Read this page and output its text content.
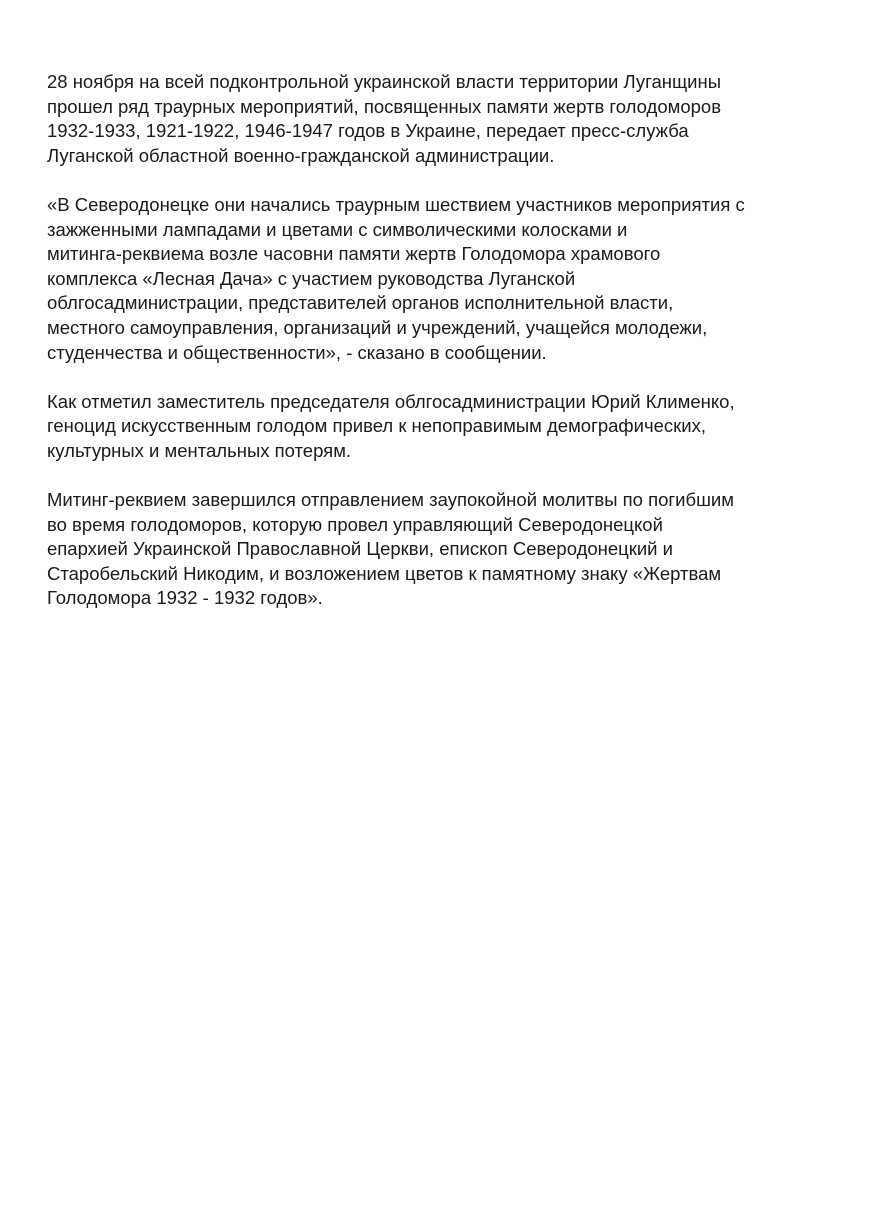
28 ноября на всей подконтрольной украинской власти территории Луганщины
прошел ряд траурных мероприятий, посвященных памяти жертв голодоморов
1932-1933, 1921-1922, 1946-1947 годов в Украине, передает пресс-служба
Луганской областной военно-гражданской администрации.

«В Северодонецке они начались траурным шествием участников мероприятия с
зажженными лампадами и цветами с символическими колосками и
митинга-реквиема возле часовни памяти жертв Голодомора храмового
комплекса «Лесная Дача» с участием руководства Луганской
облгосадминистрации, представителей органов исполнительной власти,
местного самоуправления, организаций и учреждений, учащейся молодежи,
студенчества и общественности», - сказано в сообщении.

Как отметил заместитель председателя облгосадминистрации Юрий Клименко,
геноцид искусственным голодом привел к непоправимым демографических,
культурных и ментальных потерям.

Митинг-реквием завершился отправлением заупокойной молитвы по погибшим
во время голодоморов, которую провел управляющий Северодонецкой
епархией Украинской Православной Церкви, епископ Северодонецкий и
Старобельский Никодим, и возложением цветов к памятному знаку «Жертвам
Голодомора 1932 - 1932 годов».
